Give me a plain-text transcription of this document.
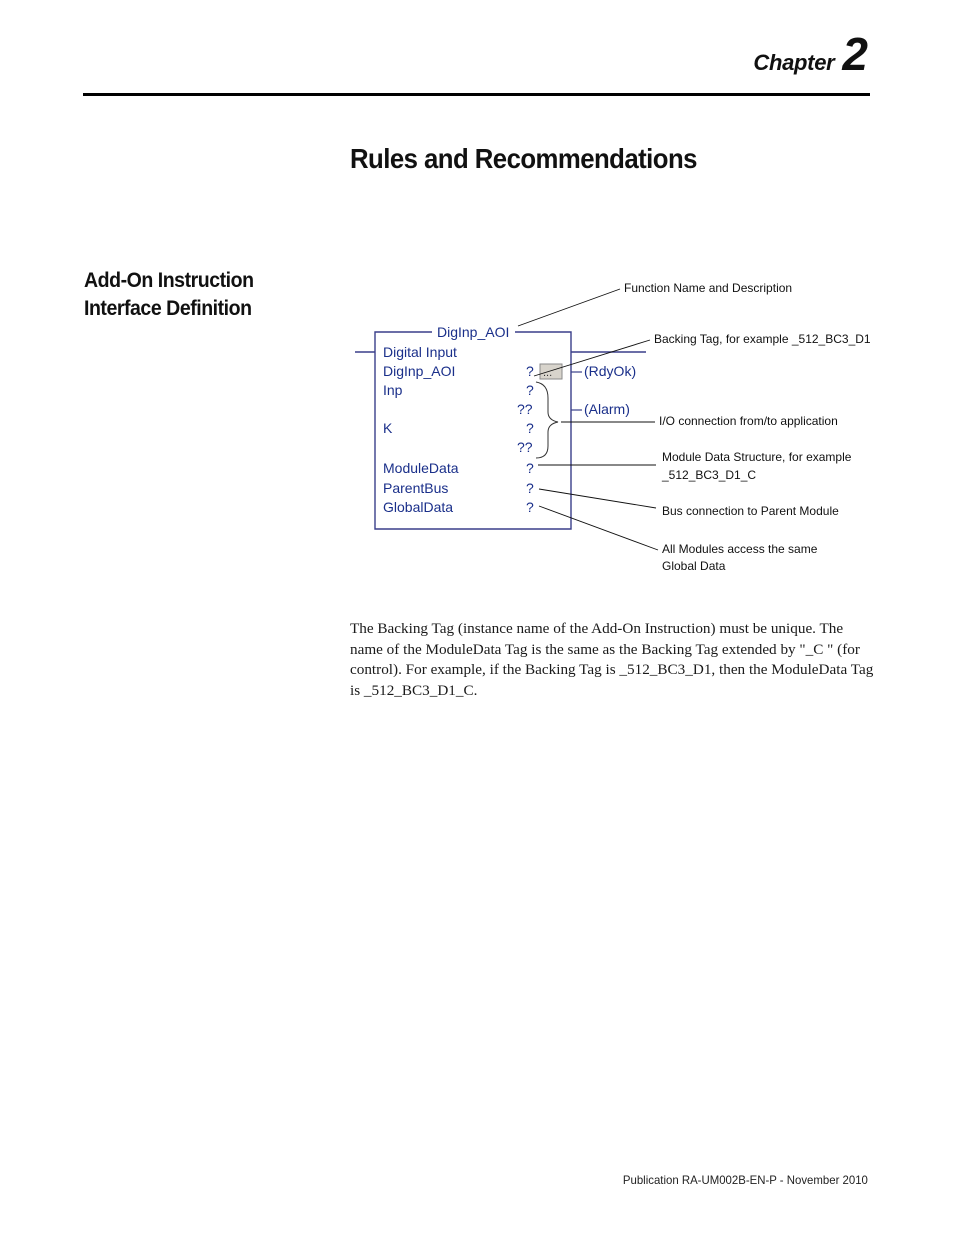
Chapter 2
Rules and Recommendations
Add-On Instruction
Interface Definition
DigInp_AOI
Digital Input
DigInp_AOI	?
Inp	?
??
K	?
??
ModuleData	?
ParentBus	?
GlobalData	?
... (RdyOk)
(Alarm)
Function Name and Description
Backing Tag, for example _512_BC3_D1
I/O connection from/to application
Module Data Structure, for example
_512_BC3_D1_C
Bus connection to Parent Module
All Modules access the same
Global Data

The Backing Tag (instance name of the Add-On Instruction) must be unique. The name of the ModuleData Tag is the same as the Backing Tag extended by "_C " (for control). For example, if the Backing Tag is _512_BC3_D1, then the ModuleData Tag is _512_BC3_D1_C.

Publication RA-UM002B-EN-P - November 2010
